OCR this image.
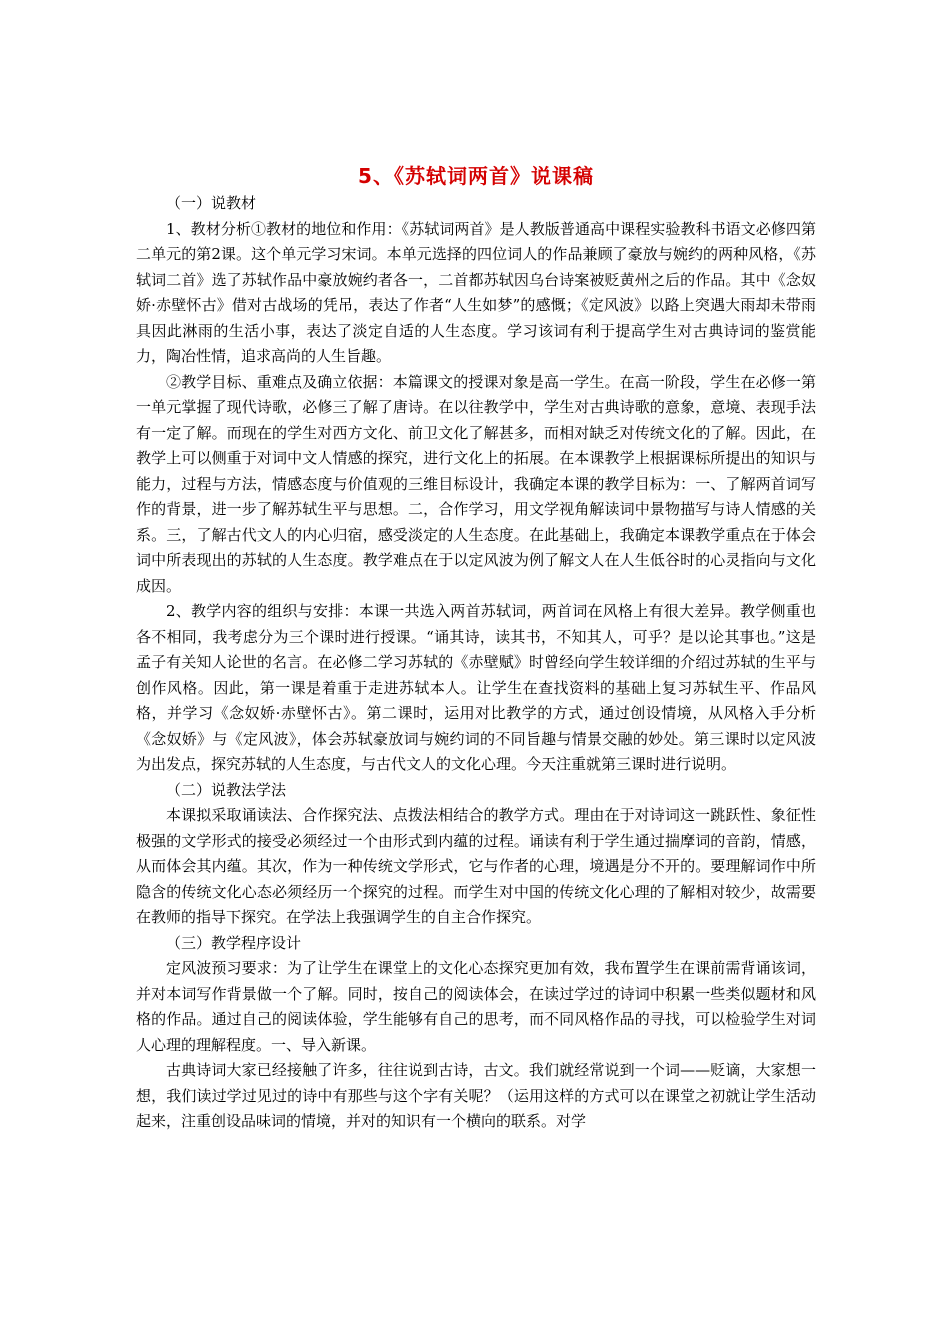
5、《苏轼词两首》说课稿

（一）说教材

1、教材分析①教材的地位和作用：《苏轼词两首》是人教版普通高中课程实验教科书语文必修四第二单元的第2课。这个单元学习宋词。本单元选择的四位词人的作品兼顾了豪放与婉约的两种风格，《苏轼词二首》选了苏轼作品中豪放婉约者各一，二首都苏轼因乌台诗案被贬黄州之后的作品。其中《念奴娇·赤壁怀古》借对古战场的凭吊，表达了作者“人生如梦”的感慨；《定风波》以路上突遇大雨却未带雨具因此淋雨的生活小事，表达了淡定自适的人生态度。学习该词有利于提高学生对古典诗词的鉴赏能力，陶冶性情，追求高尚的人生旨趣。

②教学目标、重难点及确立依据：本篇课文的授课对象是高一学生。在高一阶段，学生在必修一第一单元掌握了现代诗歌，必修三了解了唐诗。在以往教学中，学生对古典诗歌的意象，意境、表现手法有一定了解。而现在的学生对西方文化、前卫文化了解甚多，而相对缺乏对传统文化的了解。因此，在教学上可以侧重于对词中文人情感的探究，进行文化上的拓展。在本课教学上根据课标所提出的知识与能力，过程与方法，情感态度与价值观的三维目标设计，我确定本课的教学目标为：一、了解两首词写作的背景，进一步了解苏轼生平与思想。二，合作学习，用文学视角解读词中景物描写与诗人情感的关系。三，了解古代文人的内心归宿，感受淡定的人生态度。在此基础上，我确定本课教学重点在于体会词中所表现出的苏轼的人生态度。教学难点在于以定风波为例了解文人在人生低谷时的心灵指向与文化成因。

2、教学内容的组织与安排：本课一共选入两首苏轼词，两首词在风格上有很大差异。教学侧重也各不相同，我考虑分为三个课时进行授课。“诵其诗，读其书，不知其人，可乎？是以论其事也。”这是孟子有关知人论世的名言。在必修二学习苏轼的《赤壁赋》时曾经向学生较详细的介绍过苏轼的生平与创作风格。因此，第一课是着重于走进苏轼本人。让学生在查找资料的基础上复习苏轼生平、作品风格，并学习《念奴娇·赤壁怀古》。第二课时，运用对比教学的方式，通过创设情境，从风格入手分析《念奴娇》与《定风波》，体会苏轼豪放词与婉约词的不同旨趣与情景交融的妙处。第三课时以定风波为出发点，探究苏轼的人生态度，与古代文人的文化心理。今天注重就第三课时进行说明。

（二）说教法学法

本课拟采取诵读法、合作探究法、点拨法相结合的教学方式。理由在于对诗词这一跳跃性、象征性极强的文学形式的接受必须经过一个由形式到内蕴的过程。诵读有利于学生通过揣摩词的音韵，情感，从而体会其内蕴。其次，作为一种传统文学形式，它与作者的心理，境遇是分不开的。要理解词作中所隐含的传统文化心态必须经历一个探究的过程。而学生对中国的传统文化心理的了解相对较少，故需要在教师的指导下探究。在学法上我强调学生的自主合作探究。

（三）教学程序设计

定风波预习要求：为了让学生在课堂上的文化心态探究更加有效，我布置学生在课前需背诵该词，并对本词写作背景做一个了解。同时，按自己的阅读体会，在读过学过的诗词中积累一些类似题材和风格的作品。通过自己的阅读体验，学生能够有自己的思考，而不同风格作品的寻找，可以检验学生对词人心理的理解程度。一、导入新课。

古典诗词大家已经接触了许多，往往说到古诗，古文。我们就经常说到一个词——贬谪，大家想一想，我们读过学过见过的诗中有那些与这个字有关呢？（运用这样的方式可以在课堂之初就让学生活动起来，注重创设品味词的情境，并对的知识有一个横向的联系。对学
